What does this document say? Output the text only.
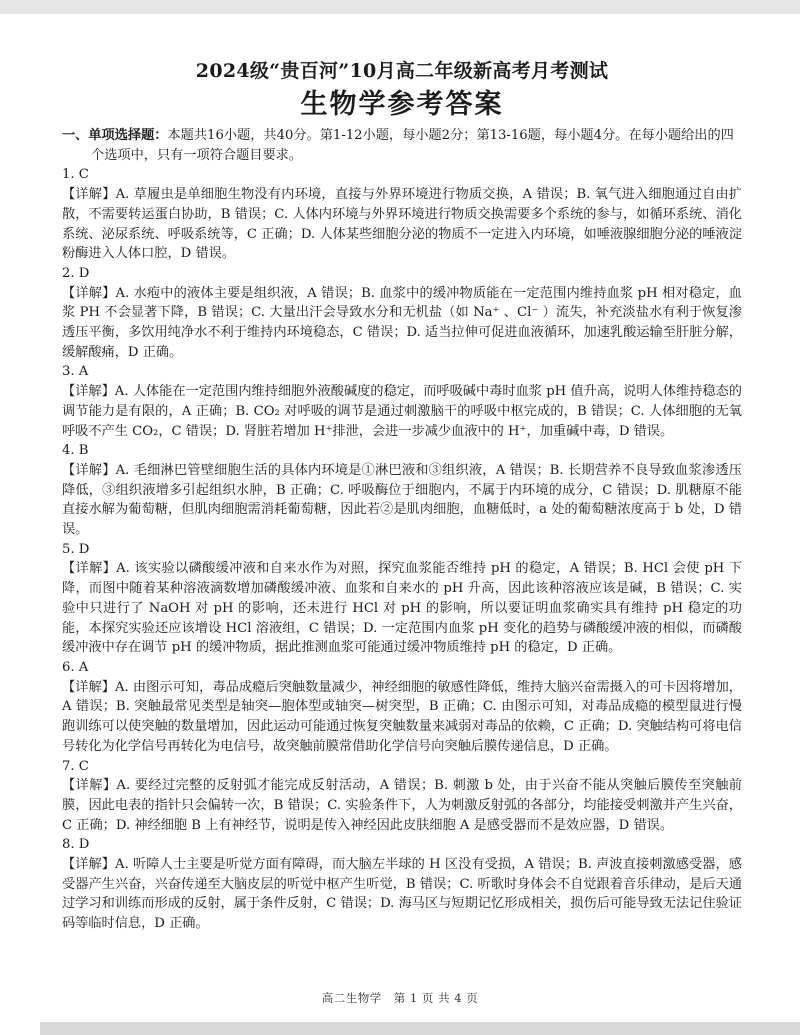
2024级“贵百河”10月高二年级新高考月考测试
生物学参考答案
一、单项选择题：本题共16小题，共40分。第1-12小题，每小题2分；第13-16题，每小题4分。在每小题给出的四个选项中，只有一项符合题目要求。
1. C
【详解】A. 草履虫是单细胞生物没有内环境，直接与外界环境进行物质交换，A 错误；B. 氧气进入细胞通过自由扩散，不需要转运蛋白协助，B 错误；C. 人体内环境与外界环境进行物质交换需要多个系统的参与，如循环系统、消化系统、泌尿系统、呼吸系统等，C 正确；D. 人体某些细胞分泌的物质不一定进入内环境，如唾液腺细胞分泌的唾液淀粉酶进入人体口腔，D 错误。
2. D
【详解】A. 水疱中的液体主要是组织液，A 错误；B. 血浆中的缓冲物质能在一定范围内维持血浆 pH 相对稳定，血浆 PH 不会显著下降，B 错误；C. 大量出汗会导致水分和无机盐（如 Na⁺ 、Cl⁻ ）流失，补充淡盐水有利于恢复渗透压平衡，多饮用纯净水不利于维持内环境稳态，C 错误；D. 适当拉伸可促进血液循环，加速乳酸运输至肝脏分解，缓解酸痛，D 正确。
3. A
【详解】A. 人体能在一定范围内维持细胞外液酸碱度的稳定，而呼吸碱中毒时血浆 pH 值升高，说明人体维持稳态的调节能力是有限的，A 正确；B. CO₂ 对呼吸的调节是通过刺激脑干的呼吸中枢完成的，B 错误；C. 人体细胞的无氧呼吸不产生 CO₂，C 错误；D. 肾脏若增加 H⁺排泄，会进一步减少血液中的 H⁺，加重碱中毒，D 错误。
4. B
【详解】A. 毛细淋巴管壁细胞生活的具体内环境是①淋巴液和③组织液，A 错误；B. 长期营养不良导致血浆渗透压降低，③组织液增多引起组织水肿，B 正确；C. 呼吸酶位于细胞内，不属于内环境的成分，C 错误；D. 肌糖原不能直接水解为葡萄糖，但肌肉细胞需消耗葡萄糖，因此若②是肌肉细胞，血糖低时，a 处的葡萄糖浓度高于 b 处，D 错误。
5. D
【详解】A. 该实验以磷酸缓冲液和自来水作为对照，探究血浆能否维持 pH 的稳定，A 错误；B. HCl 会使 pH 下降，而图中随着某种溶液滴数增加磷酸缓冲液、血浆和自来水的 pH 升高，因此该种溶液应该是碱，B 错误；C. 实验中只进行了 NaOH 对 pH 的影响，还未进行 HCl 对 pH 的影响，所以要证明血浆确实具有维持 pH 稳定的功能，本探究实验还应该增设 HCl 溶液组，C 错误；D. 一定范围内血浆 pH 变化的趋势与磷酸缓冲液的相似，而磷酸缓冲液中存在调节 pH 的缓冲物质，据此推测血浆可能通过缓冲物质维持 pH 的稳定，D 正确。
6. A
【详解】A. 由图示可知，毒品成瘾后突触数量减少，神经细胞的敏感性降低，维持大脑兴奋需摄入的可卡因将增加，A 错误；B. 突触最常见类型是轴突—胞体型或轴突—树突型，B 正确；C. 由图示可知，对毒品成瘾的模型鼠进行慢跑训练可以使突触的数量增加，因此运动可能通过恢复突触数量来减弱对毒品的依赖，C 正确；D. 突触结构可将电信号转化为化学信号再转化为电信号，故突触前膜常借助化学信号向突触后膜传递信息，D 正确。
7. C
【详解】A. 要经过完整的反射弧才能完成反射活动，A 错误；B. 刺激 b 处，由于兴奋不能从突触后膜传至突触前膜，因此电表的指针只会偏转一次，B 错误；C. 实验条件下，人为刺激反射弧的各部分，均能接受刺激并产生兴奋，C 正确；D. 神经细胞 B 上有神经节，说明是传入神经因此皮肤细胞 A 是感受器而不是效应器，D 错误。
8. D
【详解】A. 听障人士主要是听觉方面有障碍，而大脑左半球的 H 区没有受损，A 错误；B. 声波直接刺激感受器，感受器产生兴奋，兴奋传递至大脑皮层的听觉中枢产生听觉，B 错误；C. 听歌时身体会不自觉跟着音乐律动，是后天通过学习和训练而形成的反射，属于条件反射，C 错误；D. 海马区与短期记忆形成相关，损伤后可能导致无法记住验证码等临时信息，D 正确。
高二生物学　第 1 页 共 4 页
